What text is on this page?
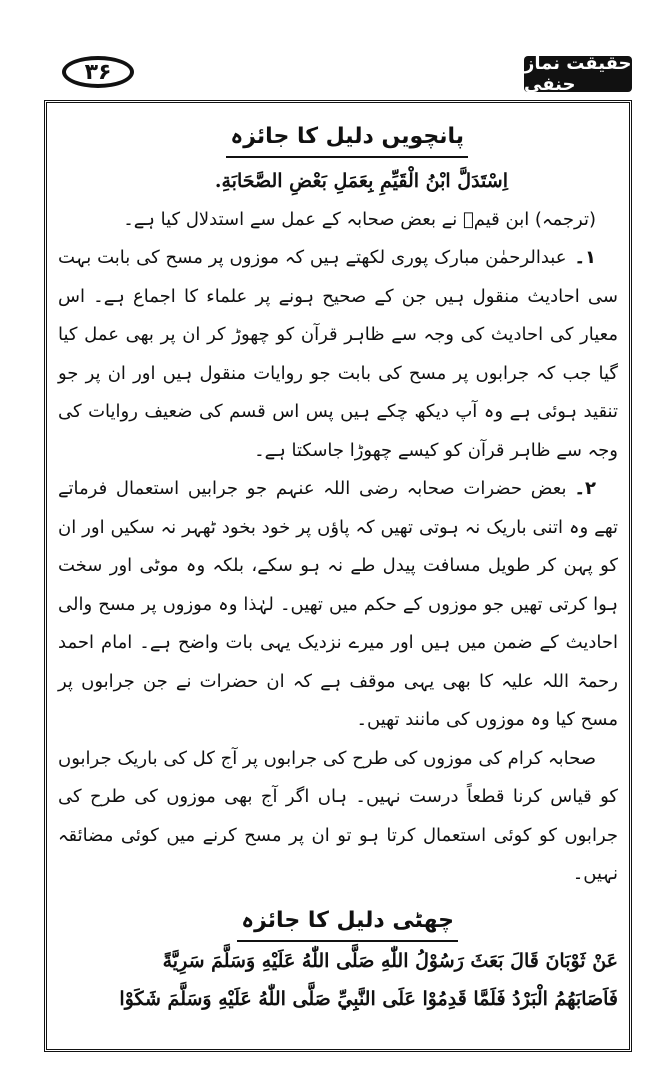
۳۶	حقیقت نماز حنفی
پانچویں دلیل کا جائزہ

اِسْتَدَلَّ ابْنُ الْقَيِّمِ بِعَمَلِ بَعْضِ الصَّحَابَةِ.

(ترجمہ) ابن قیمؒ نے بعض صحابہ کے عمل سے استدلال کیا ہے۔

۱۔عبدالرحمٰن مبارک پوری لکھتے ہیں کہ موزوں پر مسح کی بابت بہت سی احادیث منقول ہیں جن کے صحیح ہونے پر علماء کا اجماع ہے۔ اس معیار کی احادیث کی وجہ سے ظاہر قرآن کو چھوڑ کر ان پر بھی عمل کیا گیا جب کہ جرابوں پر مسح کی بابت جو روایات منقول ہیں اور ان پر جو تنقید ہوئی ہے وہ آپ دیکھ چکے ہیں پس اس قسم کی ضعیف روایات کی وجہ سے ظاہر قرآن کو کیسے چھوڑا جاسکتا ہے۔

۲۔بعض حضرات صحابہ رضی اللہ عنہم جو جرابیں استعمال فرماتے تھے وہ اتنی باریک نہ ہوتی تھیں کہ پاؤں پر خود بخود ٹھہر نہ سکیں اور ان کو پہن کر طویل مسافت پیدل طے نہ ہو سکے، بلکہ وہ موٹی اور سخت ہوا کرتی تھیں جو موزوں کے حکم میں تھیں۔ لہٰذا وہ موزوں پر مسح والی احادیث کے ضمن میں ہیں اور میرے نزدیک یہی بات واضح ہے۔ امام احمد رحمۃ اللہ علیہ کا بھی یہی موقف ہے کہ ان حضرات نے جن جرابوں پر مسح کیا وہ موزوں کی مانند تھیں۔

صحابہ کرام کی موزوں کی طرح کی جرابوں پر آج کل کی باریک جرابوں کو قیاس کرنا قطعاً درست نہیں۔ ہاں اگر آج بھی موزوں کی طرح کی جرابوں کو کوئی استعمال کرتا ہو تو ان پر مسح کرنے میں کوئی مضائقہ نہیں۔

چھٹی دلیل کا جائزہ

عَنْ ثَوْبَانَ قَالَ بَعَثَ رَسُوْلُ اللّٰهِ صَلَّى اللّٰهُ عَلَيْهِ وَسَلَّمَ سَرِيَّةً

فَاَصَابَهُمُ الْبَرْدُ فَلَمَّا قَدِمُوْا عَلَى النَّبِيِّ صَلَّى اللّٰهُ عَلَيْهِ وَسَلَّمَ شَكَوْا
